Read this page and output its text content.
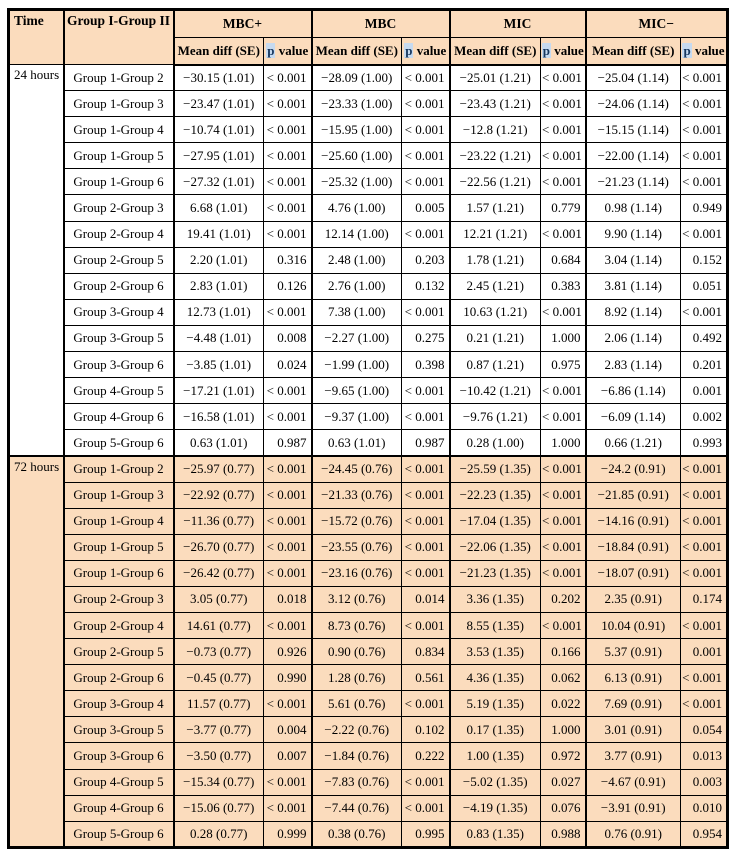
Time	Group I-Group II	MBC+		MBC		MIC		MIC−	
		Mean diff (SE)	p value	Mean diff (SE)	p value	Mean diff (SE)	p value	Mean diff (SE)	p value
24 hours	Group 1-Group 2	−30.15 (1.01)	< 0.001	−28.09 (1.00)	< 0.001	−25.01 (1.21)	< 0.001	−25.04 (1.14)	< 0.001
	Group 1-Group 3	−23.47 (1.01)	< 0.001	−23.33 (1.00)	< 0.001	−23.43 (1.21)	< 0.001	−24.06 (1.14)	< 0.001
	Group 1-Group 4	−10.74 (1.01)	< 0.001	−15.95 (1.00)	< 0.001	−12.8 (1.21)	< 0.001	−15.15 (1.14)	< 0.001
	Group 1-Group 5	−27.95 (1.01)	< 0.001	−25.60 (1.00)	< 0.001	−23.22 (1.21)	< 0.001	−22.00 (1.14)	< 0.001
	Group 1-Group 6	−27.32 (1.01)	< 0.001	−25.32 (1.00)	< 0.001	−22.56 (1.21)	< 0.001	−21.23 (1.14)	< 0.001
	Group 2-Group 3	6.68 (1.01)	< 0.001	4.76 (1.00)	0.005	1.57 (1.21)	0.779	0.98 (1.14)	0.949
	Group 2-Group 4	19.41 (1.01)	< 0.001	12.14 (1.00)	< 0.001	12.21 (1.21)	< 0.001	9.90 (1.14)	< 0.001
	Group 2-Group 5	2.20 (1.01)	0.316	2.48 (1.00)	0.203	1.78 (1.21)	0.684	3.04 (1.14)	0.152
	Group 2-Group 6	2.83 (1.01)	0.126	2.76 (1.00)	0.132	2.45 (1.21)	0.383	3.81 (1.14)	0.051
	Group 3-Group 4	12.73 (1.01)	< 0.001	7.38 (1.00)	< 0.001	10.63 (1.21)	< 0.001	8.92 (1.14)	< 0.001
	Group 3-Group 5	−4.48 (1.01)	0.008	−2.27 (1.00)	0.275	0.21 (1.21)	1.000	2.06 (1.14)	0.492
	Group 3-Group 6	−3.85 (1.01)	0.024	−1.99 (1.00)	0.398	0.87 (1.21)	0.975	2.83 (1.14)	0.201
	Group 4-Group 5	−17.21 (1.01)	< 0.001	−9.65 (1.00)	< 0.001	−10.42 (1.21)	< 0.001	−6.86 (1.14)	0.001
	Group 4-Group 6	−16.58 (1.01)	< 0.001	−9.37 (1.00)	< 0.001	−9.76 (1.21)	< 0.001	−6.09 (1.14)	0.002
	Group 5-Group 6	0.63 (1.01)	0.987	0.63 (1.01)	0.987	0.28 (1.00)	1.000	0.66 (1.21)	0.993
72 hours	Group 1-Group 2	−25.97 (0.77)	< 0.001	−24.45 (0.76)	< 0.001	−25.59 (1.35)	< 0.001	−24.2 (0.91)	< 0.001
	Group 1-Group 3	−22.92 (0.77)	< 0.001	−21.33 (0.76)	< 0.001	−22.23 (1.35)	< 0.001	−21.85 (0.91)	< 0.001
	Group 1-Group 4	−11.36 (0.77)	< 0.001	−15.72 (0.76)	< 0.001	−17.04 (1.35)	< 0.001	−14.16 (0.91)	< 0.001
	Group 1-Group 5	−26.70 (0.77)	< 0.001	−23.55 (0.76)	< 0.001	−22.06 (1.35)	< 0.001	−18.84 (0.91)	< 0.001
	Group 1-Group 6	−26.42 (0.77)	< 0.001	−23.16 (0.76)	< 0.001	−21.23 (1.35)	< 0.001	−18.07 (0.91)	< 0.001
	Group 2-Group 3	3.05 (0.77)	0.018	3.12 (0.76)	0.014	3.36 (1.35)	0.202	2.35 (0.91)	0.174
	Group 2-Group 4	14.61 (0.77)	< 0.001	8.73 (0.76)	< 0.001	8.55 (1.35)	< 0.001	10.04 (0.91)	< 0.001
	Group 2-Group 5	−0.73 (0.77)	0.926	0.90 (0.76)	0.834	3.53 (1.35)	0.166	5.37 (0.91)	0.001
	Group 2-Group 6	−0.45 (0.77)	0.990	1.28 (0.76)	0.561	4.36 (1.35)	0.062	6.13 (0.91)	< 0.001
	Group 3-Group 4	11.57 (0.77)	< 0.001	5.61 (0.76)	< 0.001	5.19 (1.35)	0.022	7.69 (0.91)	< 0.001
	Group 3-Group 5	−3.77 (0.77)	0.004	−2.22 (0.76)	0.102	0.17 (1.35)	1.000	3.01 (0.91)	0.054
	Group 3-Group 6	−3.50 (0.77)	0.007	−1.84 (0.76)	0.222	1.00 (1.35)	0.972	3.77 (0.91)	0.013
	Group 4-Group 5	−15.34 (0.77)	< 0.001	−7.83 (0.76)	< 0.001	−5.02 (1.35)	0.027	−4.67 (0.91)	0.003
	Group 4-Group 6	−15.06 (0.77)	< 0.001	−7.44 (0.76)	< 0.001	−4.19 (1.35)	0.076	−3.91 (0.91)	0.010
	Group 5-Group 6	0.28 (0.77)	0.999	0.38 (0.76)	0.995	0.83 (1.35)	0.988	0.76 (0.91)	0.954
